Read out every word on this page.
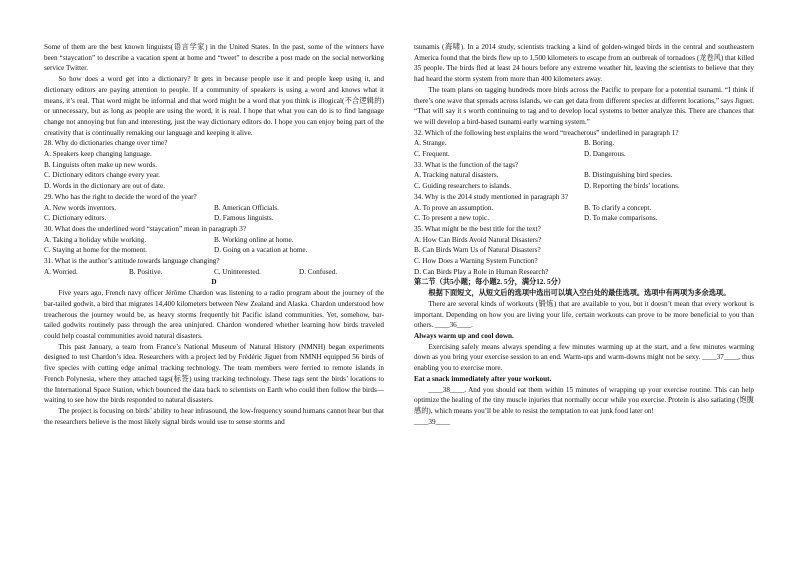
Some of them are the best known linguists(语言学家) in the United States. In the past, some of the winners have been “staycation” to describe a vacation spent at home and “tweet” to describe a post made on the social networking service Twitter.

So how does a word get into a dictionary? It gets in because people use it and people keep using it, and dictionary editors are paying attention to people. If a community of speakers is using a word and knows what it means, it’s real. That word might be informal and that word might be a word that you think is illogical(不合逻辑的) or unnecessary, but as long as people are using the word, it is real. I hope that what you can do is to find language change not annoying but fun and interesting, just the way dictionary editors do. I hope you can enjoy being part of the creativity that is continually remaking our language and keeping it alive.

28. Why do dictionaries change over time?

A. Speakers keep changing language.
B. Linguists often make up new words.
C. Dictionary editors change every year.
D. Words in the dictionary are out of date.

29. Who has the right to decide the word of the year?

A. New words inventors.	B. American Officials.
C. Dictionary editors.	D. Famous linguists.

30. What does the underlined word “staycation” mean in paragraph 3?

A. Taking a holiday while working.	B. Working online at home.
C. Staying at home for the moment.	D. Going on a vacation at home.

31. What is the author’s attitude towards language changing?

A. Worried.	B. Positive.	C. Uninterested.	D. Confused.
D

Five years ago, French navy officer Jérôme Chardon was listening to a radio program about the journey of the bar-tailed godwit, a bird that migrates 14,400 kilometers between New Zealand and Alaska. Chardon understood how treacherous the journey would be, as heavy storms frequently hit Pacific island communities. Yet, somehow, bar-tailed godwits routinely pass through the area uninjured. Chardon wondered whether learning how birds traveled could help coastal communities avoid natural disasters.

This past January, a team from France’s National Museum of Natural History (NMNH) began experiments designed to test Chardon’s idea. Researchers with a project led by Frédéric Jiguet from NMNH equipped 56 birds of five species with cutting edge animal tracking technology. The team members were ferried to remote islands in French Polynesia, where they attached tags(标签) using tracking technology. These tags sent the birds’ locations to the International Space Station, which bounced the data back to scientists on Earth who could then follow the birds—waiting to see how the birds responded to natural disasters.

The project is focusing on birds’ ability to hear infrasound, the low-frequency sound humans cannot hear but that the researchers believe is the most likely signal birds would use to sense storms and

tsunamis (海啸). In a 2014 study, scientists tracking a kind of golden-winged birds in the central and southeastern America found that the birds flew up to 1,500 kilometers to escape from an outbreak of tornadoes (龙卷风) that killed 35 people. The birds fled at least 24 hours before any extreme weather hit, leaving the scientists to believe that they had heard the storm system from more than 400 kilometers away.

The team plans on tagging hundreds more birds across the Pacific to prepare for a potential tsunami. “I think if there’s one wave that spreads across islands, we can get data from different species at different locations,” says Jiguet. “That will say it s worth continuing to tag and to develop local systems to better analyze this. There are chances that we will develop a bird-based tsunami early warning system.”

32. Which of the following best explains the word “treacherous” underlined in paragraph 1?

A. Strange.	B. Boring.
C. Frequent.	D. Dangerous.

33. What is the function of the tags?

A. Tracking natural disasters.	B. Distinguishing bird species.
C. Guiding researchers to islands.	D. Reporting the birds’ locations.

34. Why is the 2014 study mentioned in paragraph 3?

A. To prove an assumption.	B. To clarify a concept.
C. To present a new topic.	D. To make comparisons.

35. What might be the best title for the text?

A. How Can Birds Avoid Natural Disasters?
B. Can Birds Warn Us of Natural Disasters?
C. How Does a Warning System Function?
D. Can Birds Play a Role in Human Research?
第二节（共5小题；每小题2. 5分，满分12. 5分）

根据下面短文，从短文后的选项中选出可以填入空白处的最佳选项。选项中有两项为多余选项。

There are several kinds of workouts (锻炼) that are available to you, but it doesn’t mean that every workout is important. Depending on how you are living your life, certain workouts can prove to be more beneficial to you than others. ____36____.

Always warm up and cool down.

Exercising safely means always spending a few minutes warming up at the start, and a few minutes warming down as you bring your exercise session to an end. Warm-ups and warm-downs might not be sexy. ____37____, thus enabling you to exercise more.

Eat a snack immediately after your workout.

____38____. And you should eat them within 15 minutes of wrapping up your exercise routine. This can help optimize the healing of the tiny muscle injuries that normally occur while you exercise. Protein is also satiating (饱腹感的), which means you’ll be able to resist the temptation to eat junk food later on!

____39____
